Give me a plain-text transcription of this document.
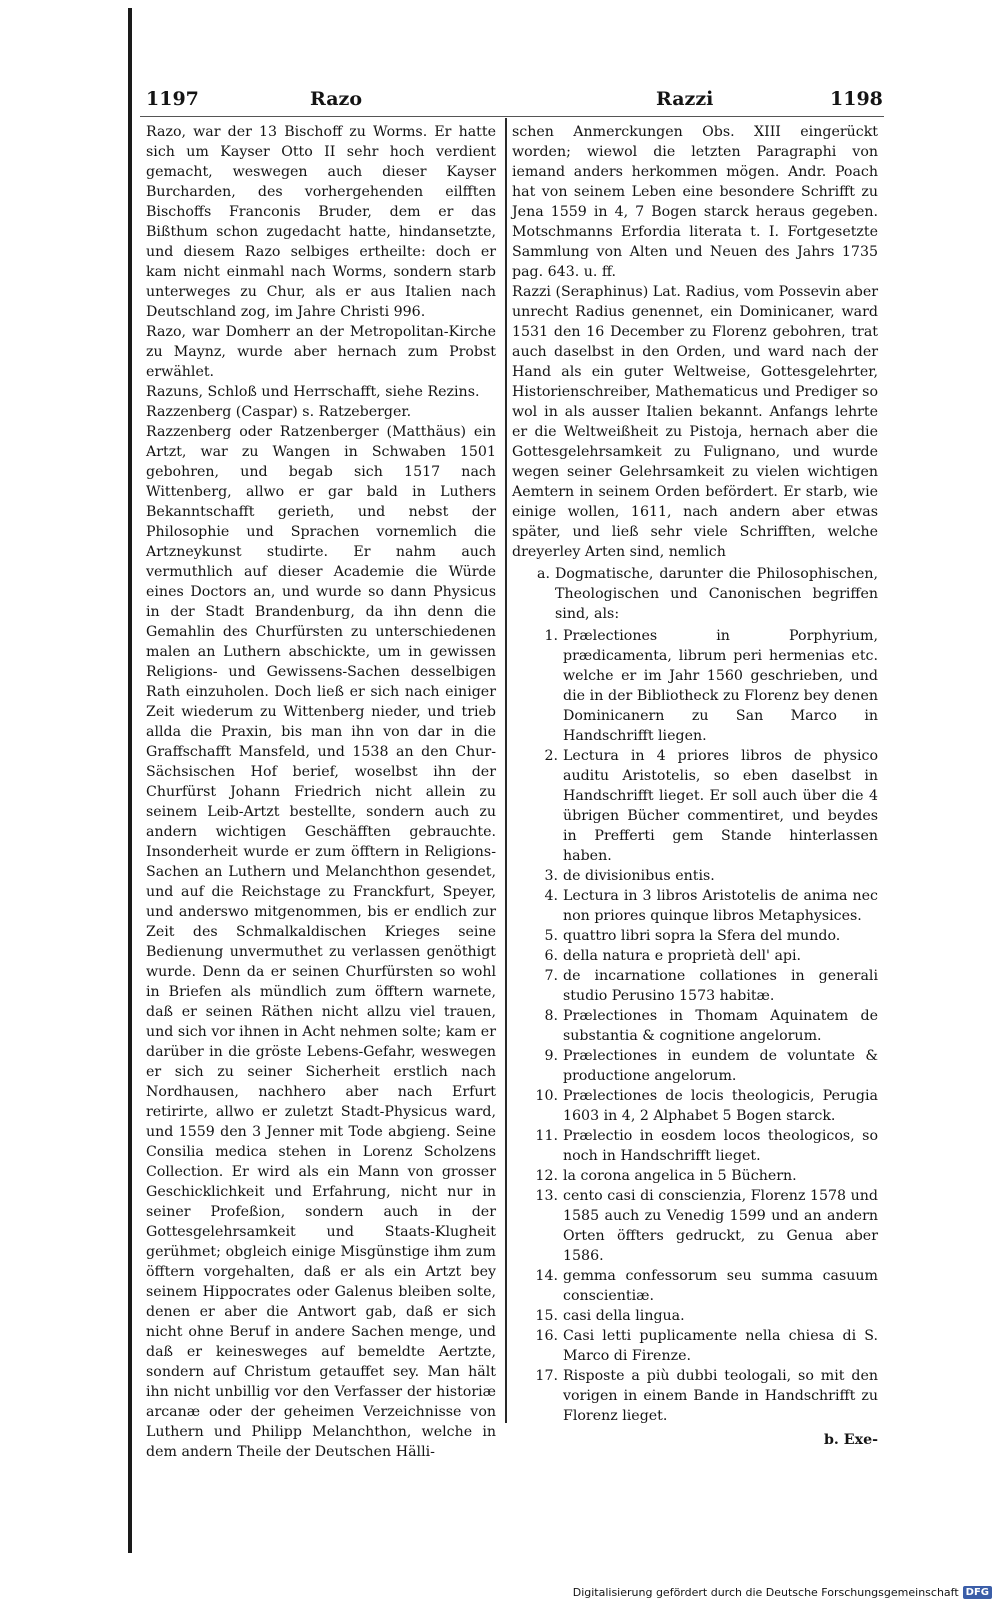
1197	Razo	Razzi	1198

Razo, war der 13 Bischoff zu Worms. Er hatte sich um Kayser Otto II sehr hoch verdient gemacht, weswegen auch dieser Kayser Burcharden, des vorhergehenden eilfften Bischoffs Franconis Bruder, dem er das Bißthum schon zugedacht hatte, hindansetzte, und diesem Razo selbiges ertheilte: doch er kam nicht einmahl nach Worms, sondern starb unterweges zu Chur, als er aus Italien nach Deutschland zog, im Jahre Christi 996.

Razo, war Domherr an der Metropolitan-Kirche zu Maynz, wurde aber hernach zum Probst erwählet.

Razuns, Schloß und Herrschafft, siehe Rezins.

Razzenberg (Caspar) s. Ratzeberger.

Razzenberg oder Ratzenberger (Matthäus) ein Artzt, war zu Wangen in Schwaben 1501 gebohren, und begab sich 1517 nach Wittenberg, allwo er gar bald in Luthers Bekanntschafft gerieth, und nebst der Philosophie und Sprachen vornemlich die Artzneykunst studirte. Er nahm auch vermuthlich auf dieser Academie die Würde eines Doctors an, und wurde so dann Physicus in der Stadt Brandenburg, da ihn denn die Gemahlin des Churfürsten zu unterschiedenen malen an Luthern abschickte, um in gewissen Religions- und Gewissens-Sachen desselbigen Rath einzuholen. Doch ließ er sich nach einiger Zeit wiederum zu Wittenberg nieder, und trieb allda die Praxin, bis man ihn von dar in die Graffschafft Mansfeld, und 1538 an den Chur-Sächsischen Hof berief, woselbst ihn der Churfürst Johann Friedrich nicht allein zu seinem Leib-Artzt bestellte, sondern auch zu andern wichtigen Geschäfften gebrauchte. Insonderheit wurde er zum öfftern in Religions-Sachen an Luthern und Melanchthon gesendet, und auf die Reichstage zu Franckfurt, Speyer, und anderswo mitgenommen, bis er endlich zur Zeit des Schmalkaldischen Krieges seine Bedienung unvermuthet zu verlassen genöthigt wurde. Denn da er seinen Churfürsten so wohl in Briefen als mündlich zum öfftern warnete, daß er seinen Räthen nicht allzu viel trauen, und sich vor ihnen in Acht nehmen solte; kam er darüber in die gröste Lebens-Gefahr, weswegen er sich zu seiner Sicherheit erstlich nach Nordhausen, nachhero aber nach Erfurt retirirte, allwo er zuletzt Stadt-Physicus ward, und 1559 den 3 Jenner mit Tode abgieng. Seine Consilia medica stehen in Lorenz Scholzens Collection. Er wird als ein Mann von grosser Geschicklichkeit und Erfahrung, nicht nur in seiner Profeßion, sondern auch in der Gottesgelehrsamkeit und Staats-Klugheit gerühmet; obgleich einige Misgünstige ihm zum öfftern vorgehalten, daß er als ein Artzt bey seinem Hippocrates oder Galenus bleiben solte, denen er aber die Antwort gab, daß er sich nicht ohne Beruf in andere Sachen menge, und daß er keinesweges auf bemeldte Aertzte, sondern auf Christum getauffet sey. Man hält ihn nicht unbillig vor den Verfasser der historiæ arcanæ oder der geheimen Verzeichnisse von Luthern und Philipp Melanchthon, welche in dem andern Theile der Deutschen Hälli-

schen Anmerckungen Obs. XIII eingerückt worden; wiewol die letzten Paragraphi von iemand anders herkommen mögen. Andr. Poach hat von seinem Leben eine besondere Schrifft zu Jena 1559 in 4, 7 Bogen starck heraus gegeben. Motschmanns Erfordia literata t. I. Fortgesetzte Sammlung von Alten und Neuen des Jahrs 1735 pag. 643. u. ff.

Razzi (Seraphinus) Lat. Radius, vom Possevin aber unrecht Radius genennet, ein Dominicaner, ward 1531 den 16 December zu Florenz gebohren, trat auch daselbst in den Orden, und ward nach der Hand als ein guter Weltweise, Gottesgelehrter, Historienschreiber, Mathematicus und Prediger so wol in als ausser Italien bekannt. Anfangs lehrte er die Weltweißheit zu Pistoja, hernach aber die Gottesgelehrsamkeit zu Fulignano, und wurde wegen seiner Gelehrsamkeit zu vielen wichtigen Aemtern in seinem Orden befördert. Er starb, wie einige wollen, 1611, nach andern aber etwas später, und ließ sehr viele Schrifften, welche dreyerley Arten sind, nemlich

a. Dogmatische, darunter die Philosophischen, Theologischen und Canonischen begriffen sind, als:
1. Prælectiones in Porphyrium, prædicamenta, librum peri hermenias etc. welche er im Jahr 1560 geschrieben, und die in der Bibliotheck zu Florenz bey denen Dominicanern zu San Marco in Handschrifft liegen.
2. Lectura in 4 priores libros de physico auditu Aristotelis, so eben daselbst in Handschrifft lieget. Er soll auch über die 4 übrigen Bücher commentiret, und beydes in Prefferti gem Stande hinterlassen haben.
3. de divisionibus entis.
4. Lectura in 3 libros Aristotelis de anima nec non priores quinque libros Metaphysices.
5. quattro libri sopra la Sfera del mundo.
6. della natura e proprietà dell' api.
7. de incarnatione collationes in generali studio Perusino 1573 habitæ.
8. Prælectiones in Thomam Aquinatem de substantia & cognitione angelorum.
9. Prælectiones in eundem de voluntate & productione angelorum.
10. Prælectiones de locis theologicis, Perugia 1603 in 4, 2 Alphabet 5 Bogen starck.
11. Prælectio in eosdem locos theologicos, so noch in Handschrifft lieget.
12. la corona angelica in 5 Büchern.
13. cento casi di conscienzia, Florenz 1578 und 1585 auch zu Venedig 1599 und an andern Orten öffters gedruckt, zu Genua aber 1586.
14. gemma confessorum seu summa casuum conscientiæ.
15. casi della lingua.
16. Casi letti puplicamente nella chiesa di S. Marco di Firenze.
17. Risposte a più dubbi teologali, so mit den vorigen in einem Bande in Handschrifft zu Florenz lieget.
b. Exe-
Digitalisierung gefördert durch die Deutsche Forschungsgemeinschaft DFG
